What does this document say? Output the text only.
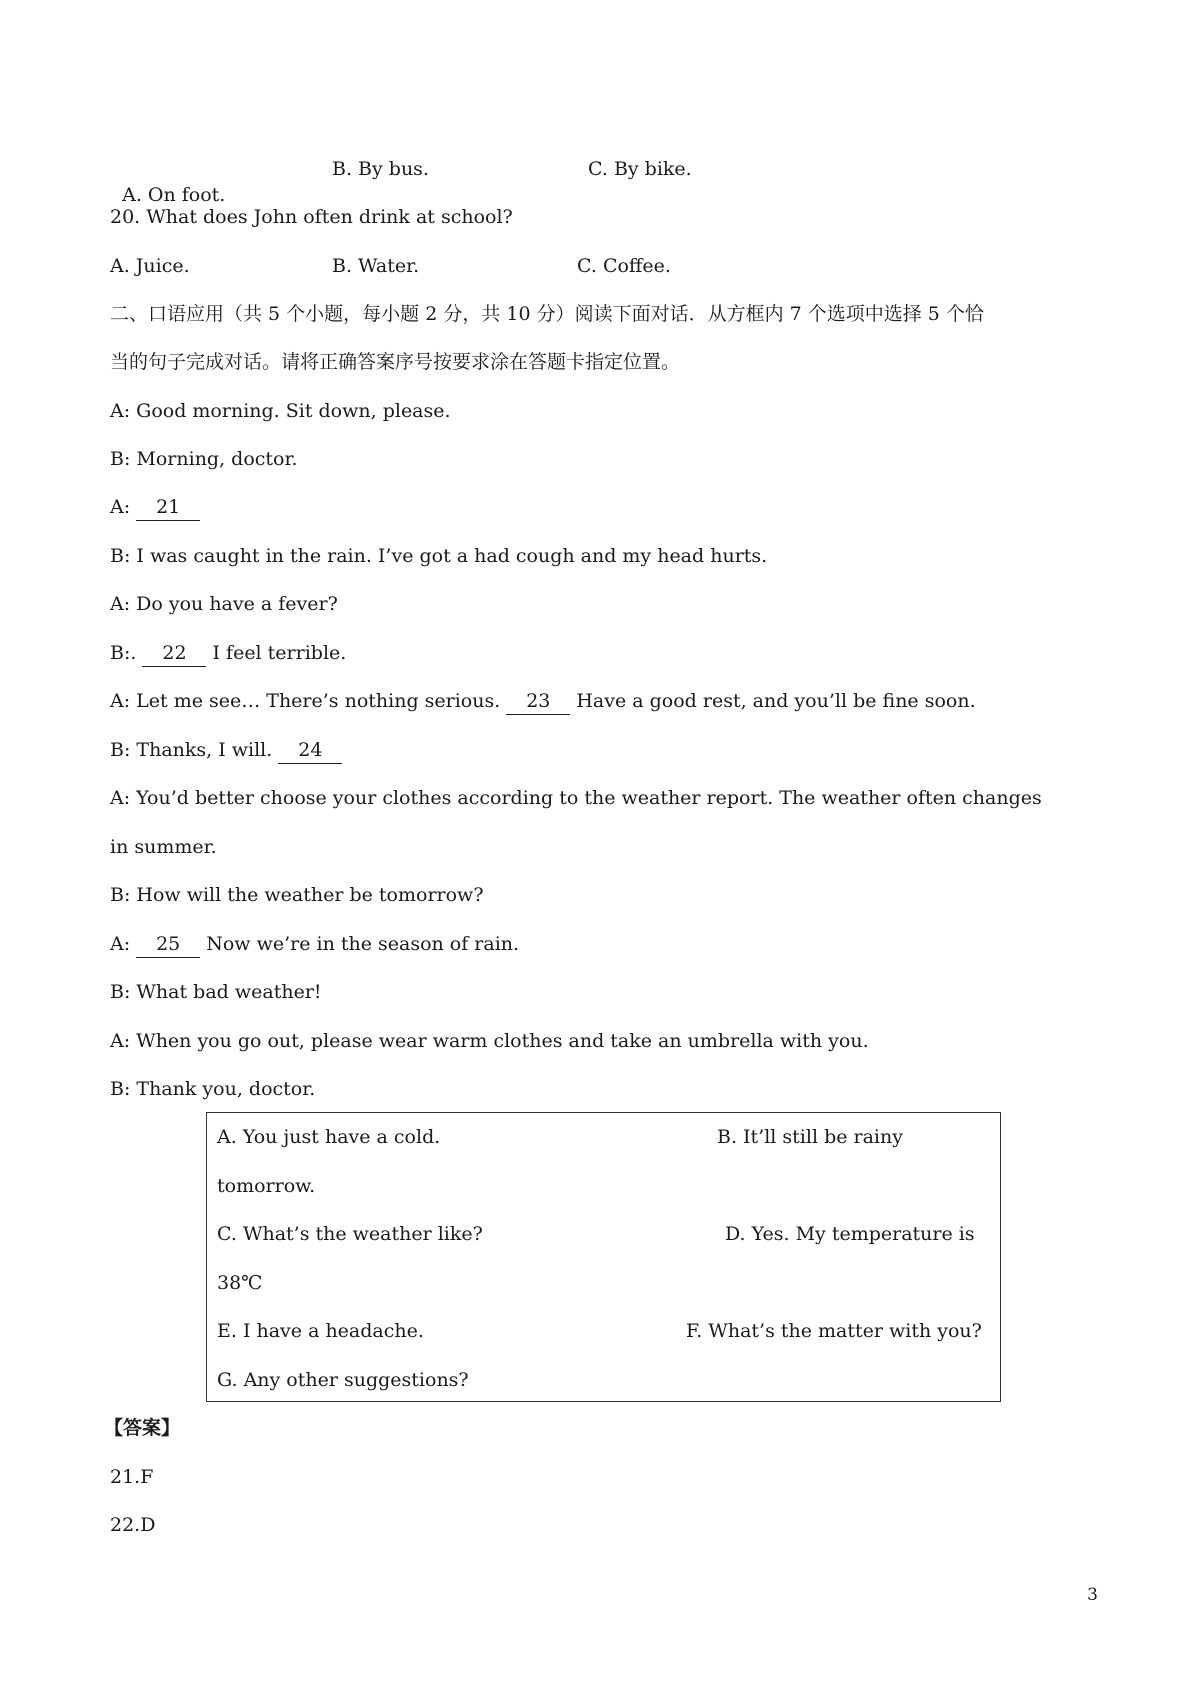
A. On foot.

B. By bus.	C. By bike.
20. What does John often drink at school?
A. Juice.	B. Water.	C. Coffee.
二、口语应用（共 5 个小题，每小题 2 分，共 10 分）阅读下面对话．从方框内 7 个选项中选择 5 个恰
当的句子完成对话。请将正确答案序号按要求涂在答题卡指定位置。
A: Good morning. Sit down, please.
B: Morning, doctor.
A: 21
B: I was caught in the rain. I’ve got a had cough and my head hurts.
A: Do you have a fever?
B:. 22 I feel terrible.
A: Let me see… There’s nothing serious. 23 Have a good rest, and you’ll be fine soon.
B: Thanks, I will. 24
A: You’d better choose your clothes according to the weather report. The weather often changes
in summer.
B: How will the weather be tomorrow?
A: 25 Now we’re in the season of rain.
B: What bad weather!
A: When you go out, please wear warm clothes and take an umbrella with you.
B: Thank you, doctor.
A. You just have a cold.	B. It’ll still be rainy
tomorrow.
C. What’s the weather like?	D. Yes. My temperature is
38℃
E. I have a headache.	F. What’s the matter with you?
G. Any other suggestions?
【答案】
21.F
22.D
3
